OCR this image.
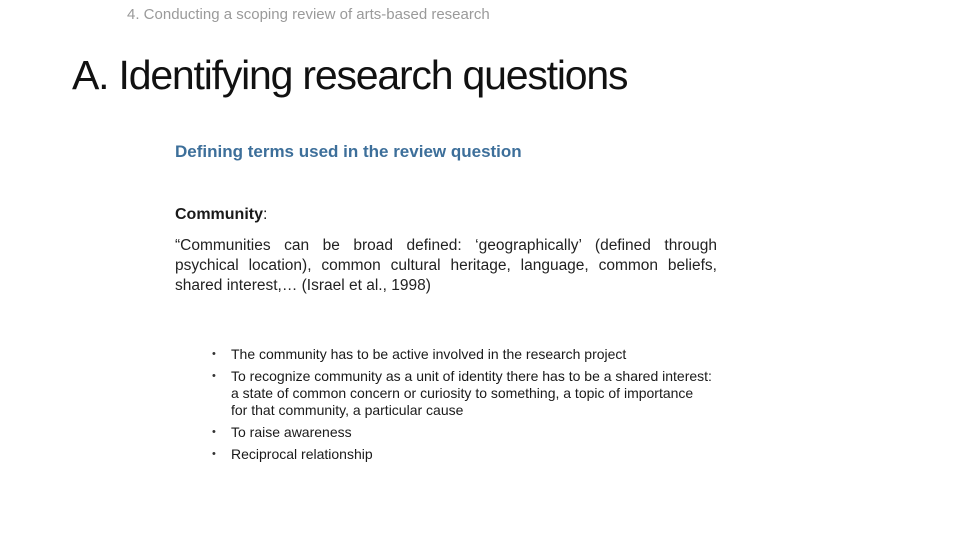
4. Conducting a scoping review of arts-based research
A. Identifying research questions
Defining terms used in the review question
Community:

“Communities can be broad defined: ‘geographically’ (defined through psychical location), common cultural heritage, language, common beliefs, shared interest,… (Israel et al., 1998)

• The community has to be active involved in the research project
• To recognize community as a unit of identity there has to be a shared interest: a state of common concern or curiosity to something, a topic of importance for that community, a particular cause
• To raise awareness
• Reciprocal relationship
